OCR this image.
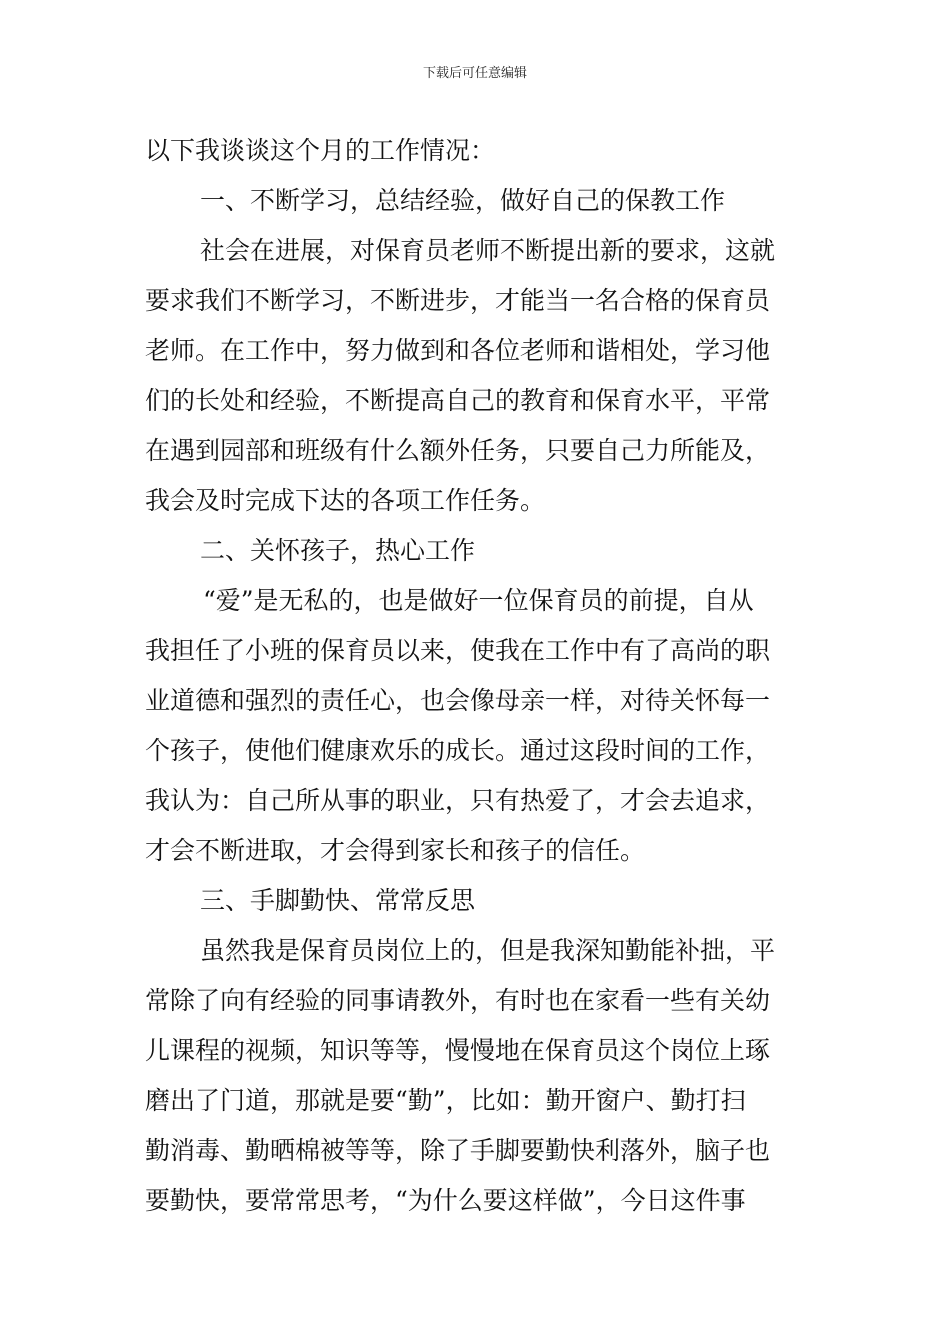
下载后可任意编辑
以下我谈谈这个月的工作情况：
一、不断学习，总结经验，做好自己的保教工作
社会在进展，对保育员老师不断提出新的要求，这就
要求我们不断学习，不断进步，才能当一名合格的保育员
老师。在工作中，努力做到和各位老师和谐相处，学习他
们的长处和经验，不断提高自己的教育和保育水平，平常
在遇到园部和班级有什么额外任务，只要自己力所能及，
我会及时完成下达的各项工作任务。
二、关怀孩子，热心工作
“爱”是无私的，也是做好一位保育员的前提，自从
我担任了小班的保育员以来，使我在工作中有了高尚的职
业道德和强烈的责任心，也会像母亲一样，对待关怀每一
个孩子，使他们健康欢乐的成长。通过这段时间的工作，
我认为：自己所从事的职业，只有热爱了，才会去追求，
才会不断进取，才会得到家长和孩子的信任。
三、手脚勤快、常常反思
虽然我是保育员岗位上的，但是我深知勤能补拙，平
常除了向有经验的同事请教外，有时也在家看一些有关幼
儿课程的视频，知识等等，慢慢地在保育员这个岗位上琢
磨出了门道，那就是要“勤”，比如：勤开窗户、勤打扫
勤消毒、勤晒棉被等等，除了手脚要勤快利落外，脑子也
要勤快，要常常思考，“为什么要这样做”，今日这件事
